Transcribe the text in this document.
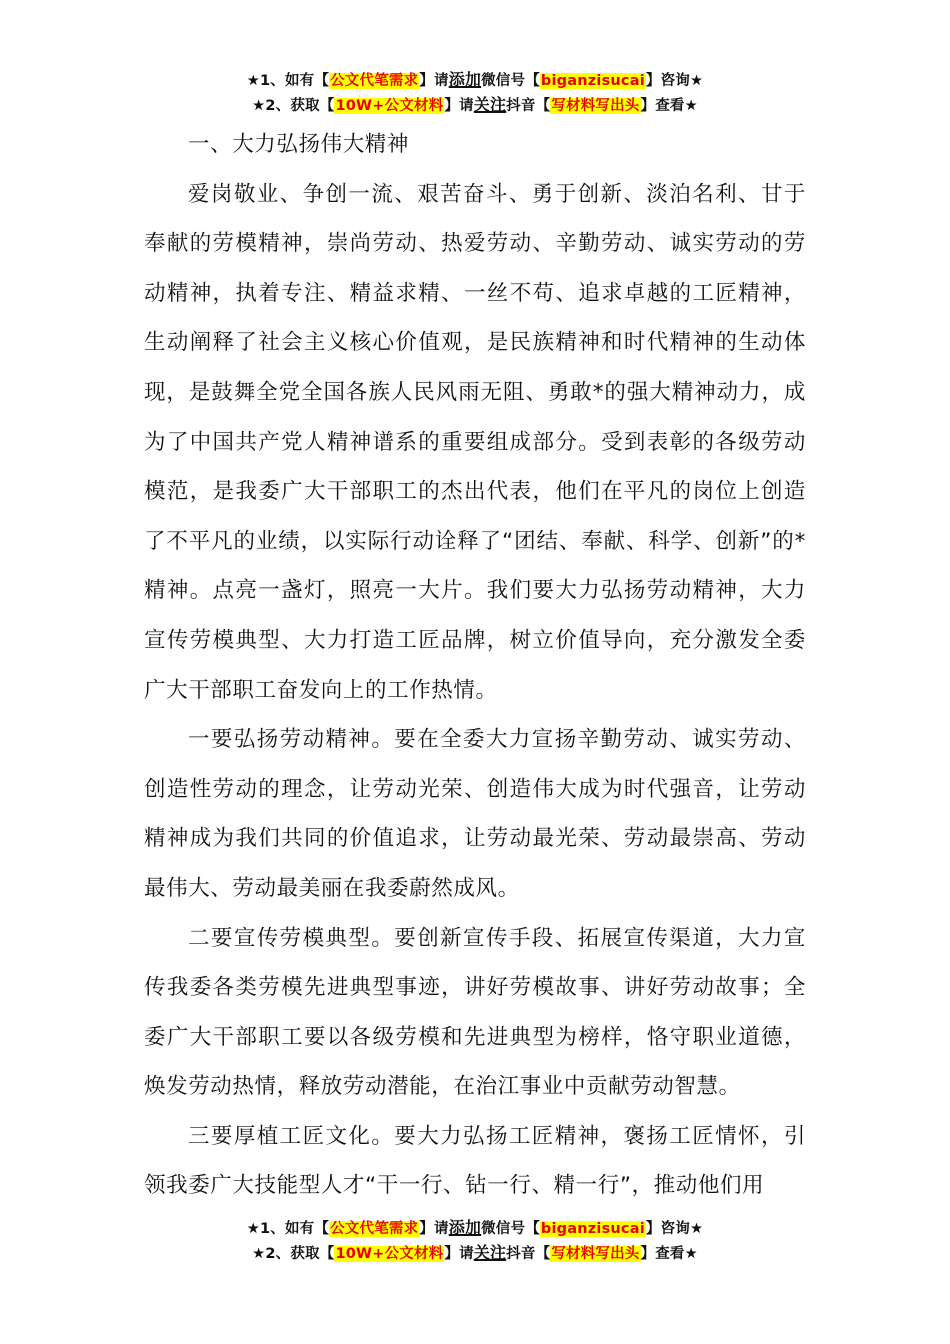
★1、如有【公文代笔需求】请添加微信号【biganzisucai】咨询★
★2、获取【10W+公文材料】请关注抖音【写材料写出头】查看★
一、大力弘扬伟大精神

爱岗敬业、争创一流、艰苦奋斗、勇于创新、淡泊名利、甘于奉献的劳模精神，崇尚劳动、热爱劳动、辛勤劳动、诚实劳动的劳动精神，执着专注、精益求精、一丝不苟、追求卓越的工匠精神，生动阐释了社会主义核心价值观，是民族精神和时代精神的生动体现，是鼓舞全党全国各族人民风雨无阻、勇敢*的强大精神动力，成为了中国共产党人精神谱系的重要组成部分。受到表彰的各级劳动模范，是我委广大干部职工的杰出代表，他们在平凡的岗位上创造了不平凡的业绩，以实际行动诠释了“团结、奉献、科学、创新”的*精神。点亮一盏灯，照亮一大片。我们要大力弘扬劳动精神，大力宣传劳模典型、大力打造工匠品牌，树立价值导向，充分激发全委广大干部职工奋发向上的工作热情。

一要弘扬劳动精神。要在全委大力宣扬辛勤劳动、诚实劳动、创造性劳动的理念，让劳动光荣、创造伟大成为时代强音，让劳动精神成为我们共同的价值追求，让劳动最光荣、劳动最崇高、劳动最伟大、劳动最美丽在我委蔚然成风。

二要宣传劳模典型。要创新宣传手段、拓展宣传渠道，大力宣传我委各类劳模先进典型事迹，讲好劳模故事、讲好劳动故事；全委广大干部职工要以各级劳模和先进典型为榜样，恪守职业道德，焕发劳动热情，释放劳动潜能，在治江事业中贡献劳动智慧。

三要厚植工匠文化。要大力弘扬工匠精神，褒扬工匠情怀，引领我委广大技能型人才“干一行、钻一行、精一行”，推动他们用

★1、如有【公文代笔需求】请添加微信号【biganzisucai】咨询★
★2、获取【10W+公文材料】请关注抖音【写材料写出头】查看★
